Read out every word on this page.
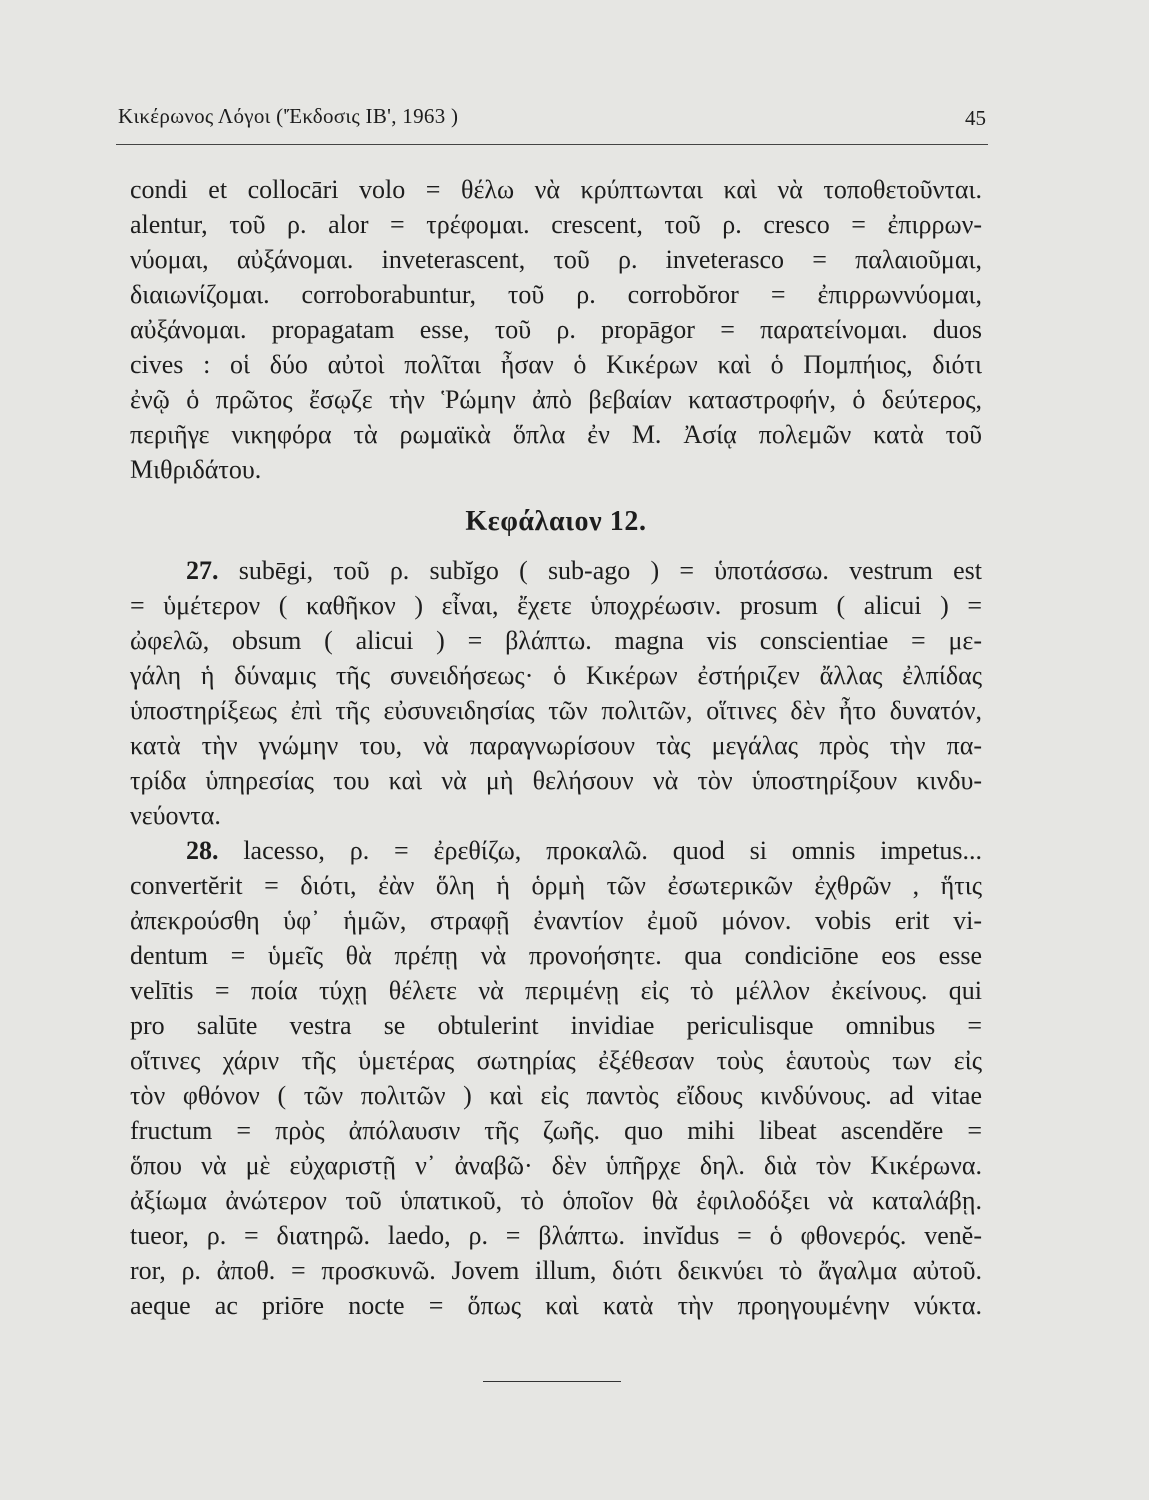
Κικέρωνος Λόγοι ('Έκδοσις ΙΒ', 1963 )	45
condi et collocāri volo = θέλω νὰ κρύπτωνται καὶ νὰ τοποθετοῦνται.
alentur, τοῦ ρ. alor = τρέφομαι. crescent, τοῦ ρ. cresco = ἐπιρρων-
νύομαι, αὐξάνομαι. inveterascent, τοῦ ρ. inveterasco = παλαιοῦμαι,
διαιωνίζομαι. corroborabuntur, τοῦ ρ. corrobŏror = ἐπιρρωννύομαι,
αὐξάνομαι. propagatam esse, τοῦ ρ. propāgor = παρατείνομαι. duos
cives : οἱ δύο αὐτοὶ πολῖται ἦσαν ὁ Κικέρων καὶ ὁ Πομπήιος, διότι
ἐνῷ ὁ πρῶτος ἔσῳζε τὴν Ῥώμην ἀπὸ βεβαίαν καταστροφήν, ὁ δεύτερος,
περιῆγε νικηφόρα τὰ ρωμαϊκὰ ὅπλα ἐν Μ. Ἀσίᾳ πολεμῶν κατὰ τοῦ
Μιθριδάτου.
Κεφάλαιον 12.
27. subēgi, τοῦ ρ. subĭgo ( sub-ago ) = ὑποτάσσω. vestrum est
= ὑμέτερον ( καθῆκον ) εἶναι, ἔχετε ὑποχρέωσιν. prosum ( alicui ) =
ὠφελῶ, obsum ( alicui ) = βλάπτω. magna vis conscientiae = με-
γάλη ἡ δύναμις τῆς συνειδήσεως· ὁ Κικέρων ἐστήριζεν ἄλλας ἐλπίδας
ὑποστηρίξεως ἐπὶ τῆς εὐσυνειδησίας τῶν πολιτῶν, οἵτινες δὲν ἦτο δυνατόν,
κατὰ τὴν γνώμην του, νὰ παραγνωρίσουν τὰς μεγάλας πρὸς τὴν πα-
τρίδα ὑπηρεσίας του καὶ νὰ μὴ θελήσουν νὰ τὸν ὑποστηρίξουν κινδυ-
νεύοντα.
28. lacesso, ρ. = ἐρεθίζω, προκαλῶ. quod si omnis impetus...
convertĕrit = διότι, ἐὰν ὅλη ἡ ὁρμὴ τῶν ἐσωτερικῶν ἐχθρῶν , ἥτις
ἀπεκρούσθη ὑφ᾽ ἡμῶν, στραφῇ ἐναντίον ἐμοῦ μόνον. vobis erit vi-
dentum = ὑμεῖς θὰ πρέπῃ νὰ προνοήσητε. qua condiciōne eos esse
velītis = ποία τύχῃ θέλετε νὰ περιμένῃ εἰς τὸ μέλλον ἐκείνους. qui
pro salūte vestra se obtulerint invidiae periculisque omnibus =
οἵτινες χάριν τῆς ὑμετέρας σωτηρίας ἐξέθεσαν τοὺς ἑαυτοὺς των εἰς
τὸν φθόνον ( τῶν πολιτῶν ) καὶ εἰς παντὸς εἴδους κινδύνους. ad vitae
fructum = πρὸς ἀπόλαυσιν τῆς ζωῆς. quo mihi libeat ascendĕre =
ὅπου νὰ μὲ εὐχαριστῇ ν᾽ ἀναβῶ· δὲν ὑπῆρχε δηλ. διὰ τὸν Κικέρωνα.
ἀξίωμα ἀνώτερον τοῦ ὑπατικοῦ, τὸ ὁποῖον θὰ ἐφιλοδόξει νὰ καταλάβῃ.
tueor, ρ. = διατηρῶ. laedo, ρ. = βλάπτω. invĭdus = ὁ φθονερός. venĕ-
ror, ρ. ἀποθ. = προσκυνῶ. Jovem illum, διότι δεικνύει τὸ ἄγαλμα αὐτοῦ.
aeque ac priōre nocte = ὅπως καὶ κατὰ τὴν προηγουμένην νύκτα.
